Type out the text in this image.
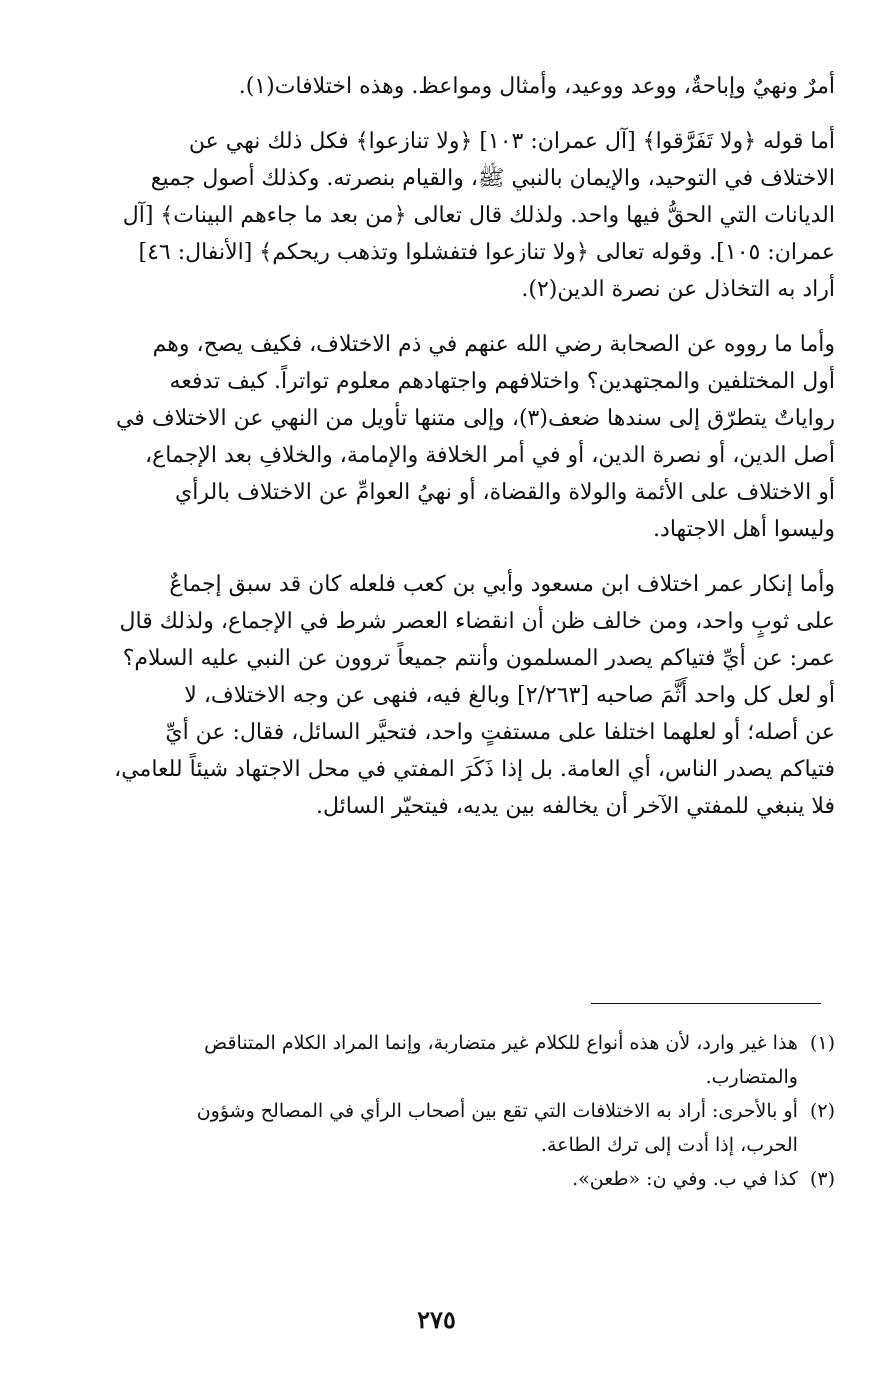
أمرٌ ونهيٌ وإباحةٌ، ووعد ووعيد، وأمثال ومواعظ. وهذه اختلافات(١).

أما قوله ﴿ولا تَفَرَّقوا﴾ [آل عمران: ١٠٣] ﴿ولا تنازعوا﴾ فكل ذلك نهي عن

الاختلاف في التوحيد، والإيمان بالنبي ﷺ، والقيام بنصرته. وكذلك أصول جميع

الديانات التي الحقُّ فيها واحد. ولذلك قال تعالى ﴿من بعد ما جاءهم البينات﴾ [آل

عمران: ١٠٥]. وقوله تعالى ﴿ولا تنازعوا فتفشلوا وتذهب ريحكم﴾ [الأنفال: ٤٦]

أراد به التخاذل عن نصرة الدين(٢).

وأما ما رووه عن الصحابة رضي الله عنهم في ذم الاختلاف، فكيف يصح، وهم

أول المختلفين والمجتهدين؟ واختلافهم واجتهادهم معلوم تواتراً. كيف تدفعه

رواياتٌ يتطرّق إلى سندها ضعف(٣)، وإلى متنها تأويل من النهي عن الاختلاف في

أصل الدين، أو نصرة الدين، أو في أمر الخلافة والإمامة، والخلافِ بعد الإجماع،

أو الاختلاف على الأئمة والولاة والقضاة، أو نهيُ العوامِّ عن الاختلاف بالرأي

وليسوا أهل الاجتهاد.

وأما إنكار عمر اختلاف ابن مسعود وأبي بن كعب فلعله كان قد سبق إجماعٌ

على ثوبٍ واحد، ومن خالف ظن أن انقضاء العصر شرط في الإجماع، ولذلك قال

عمر: عن أيِّ فتياكم يصدر المسلمون وأنتم جميعاً تروون عن النبي عليه السلام؟

أو لعل كل واحد أَثَّمَ صاحبه [٢/٢٦٣] وبالغ فيه، فنهى عن وجه الاختلاف، لا

عن أصله؛ أو لعلهما اختلفا على مستفتٍ واحد، فتحيَّر السائل، فقال: عن أيِّ

فتياكم يصدر الناس، أي العامة. بل إذا ذَكَرَ المفتي في محل الاجتهاد شيئاً للعامي،

فلا ينبغي للمفتي الآخر أن يخالفه بين يديه، فيتحيّر السائل.

(١)
هذا غير وارد، لأن هذه أنواع للكلام غير متضاربة، وإنما المراد الكلام المتناقض
والمتضارب.
(٢)
أو بالأحرى: أراد به الاختلافات التي تقع بين أصحاب الرأي في المصالح وشؤون
الحرب، إذا أدت إلى ترك الطاعة.
(٣)
كذا في ب. وفي ن: «طعن».
٢٧٥
